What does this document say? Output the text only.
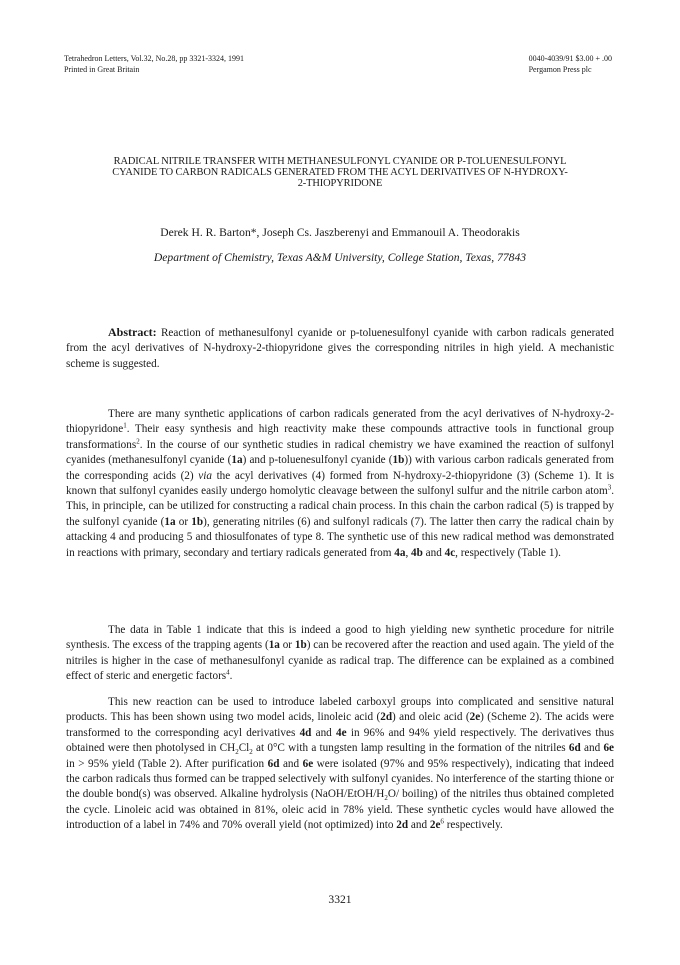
Tetrahedron Letters, Vol.32, No.28, pp 3321-3324, 1991
Printed in Great Britain
0040-4039/91 $3.00 + .00
Pergamon Press plc
RADICAL NITRILE TRANSFER WITH METHANESULFONYL CYANIDE OR P-TOLUENESULFONYL
CYANIDE TO CARBON RADICALS GENERATED FROM THE ACYL DERIVATIVES OF N-HYDROXY-
2-THIOPYRIDONE
Derek H. R. Barton*, Joseph Cs. Jaszberenyi and Emmanouil A. Theodorakis
Department of Chemistry, Texas A&M University, College Station, Texas, 77843
Abstract: Reaction of methanesulfonyl cyanide or p-toluenesulfonyl cyanide with carbon radicals generated from the acyl derivatives of N-hydroxy-2-thiopyridone gives the corresponding nitriles in high yield. A mechanistic scheme is suggested.

There are many synthetic applications of carbon radicals generated from the acyl derivatives of N-hydroxy-2-thiopyridone$^1$. Their easy synthesis and high reactivity make these compounds attractive tools in functional group transformations$^2$. In the course of our synthetic studies in radical chemistry we have examined the reaction of sulfonyl cyanides (methanesulfonyl cyanide (1a) and p-toluenesulfonyl cyanide (1b)) with various carbon radicals generated from the corresponding acids (2) via the acyl derivatives (4) formed from N-hydroxy-2-thiopyridone (3) (Scheme 1). It is known that sulfonyl cyanides easily undergo homolytic cleavage between the sulfonyl sulfur and the nitrile carbon atom$^3$. This, in principle, can be utilized for constructing a radical chain process. In this chain the carbon radical (5) is trapped by the sulfonyl cyanide (1a or 1b), generating nitriles (6) and sulfonyl radicals (7). The latter then carry the radical chain by attacking 4 and producing 5 and thiosulfonates of type 8. The synthetic use of this new radical method was demonstrated in reactions with primary, secondary and tertiary radicals generated from 4a, 4b and 4c, respectively (Table 1).

The data in Table 1 indicate that this is indeed a good to high yielding new synthetic procedure for nitrile synthesis. The excess of the trapping agents (1a or 1b) can be recovered after the reaction and used again. The yield of the nitriles is higher in the case of methanesulfonyl cyanide as radical trap. The difference can be explained as a combined effect of steric and energetic factors$^4$.

This new reaction can be used to introduce labeled carboxyl groups into complicated and sensitive natural products. This has been shown using two model acids, linoleic acid (2d) and oleic acid (2e) (Scheme 2). The acids were transformed to the corresponding acyl derivatives 4d and 4e in 96% and 94% yield respectively. The derivatives thus obtained were then photolysed in $CH_2Cl_2$ at 0°C with a tungsten lamp resulting in the formation of the nitriles 6d and 6e in > 95% yield (Table 2). After purification 6d and 6e were isolated (97% and 95% respectively), indicating that indeed the carbon radicals thus formed can be trapped selectively with sulfonyl cyanides. No interference of the starting thione or the double bond(s) was observed. Alkaline hydrolysis ($NaOH/EtOH/H_2O/$ boiling) of the nitriles thus obtained completed the cycle. Linoleic acid was obtained in 81%, oleic acid in 78% yield. These synthetic cycles would have allowed the introduction of a label in 74% and 70% overall yield (not optimized) into 2d and $2e^6$ respectively.

3321
